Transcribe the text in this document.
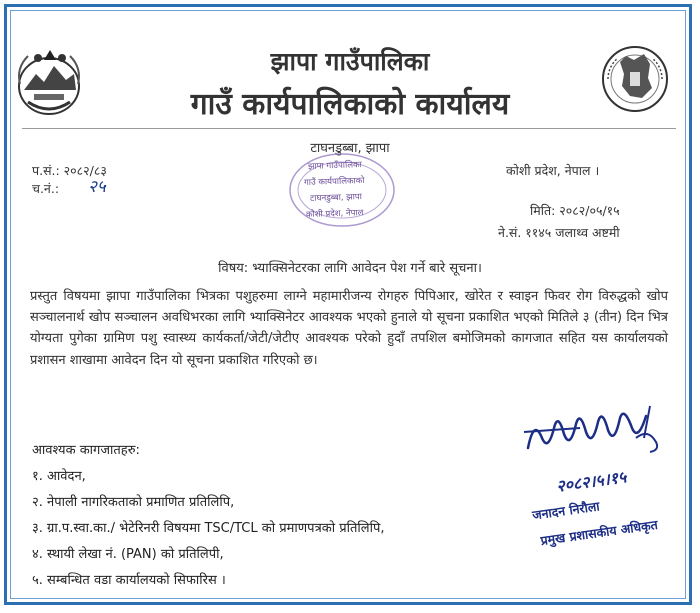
झापा गाउँपालिका
गाउँ कार्यपालिकाको कार्यालय
टाघनडुब्बा, झापा
प.सं.: २०८२/८३
च.नं.: २५
कोशी प्रदेश, नेपाल ।
झापा गाउँपालिका
गाउँ कार्यपालिकाको
टाघनडुब्बा, झापा
कोशी प्रदेश, नेपाल	मिति: २०८२/०५/१५
ने.सं. ११४५ जलाथ्व अष्टमी
विषय: भ्याक्सिनेटरका लागि आवेदन पेश गर्ने बारे सूचना।
प्रस्तुत विषयमा झापा गाउँपालिका भित्रका पशुहरुमा लाग्ने महामारीजन्य रोगहरु पिपिआर, खोरेत र स्वाइन फिवर रोग विरुद्धको खोप सञ्चालनार्थ खोप सञ्चालन अवधिभरका लागि भ्याक्सिनेटर आवश्यक भएको हुनाले यो सूचना प्रकाशित भएको मितिले ३ (तीन) दिन भित्र योग्यता पुगेका ग्रामिण पशु स्वास्थ्य कार्यकर्ता/जेटी/जेटीए आवश्यक परेको हुदाँ तपशिल बमोजिमको कागजात सहित यस कार्यालयको प्रशासन शाखामा आवेदन दिन यो सूचना प्रकाशित गरिएको छ।
आवश्यक कागजातहरु:
१. आवेदन,
२. नेपाली नागरिकताको प्रमाणित प्रतिलिपि,
३. ग्रा.प.स्वा.का./ भेटेरिनरी विषयमा TSC/TCL को प्रमाणपत्रको प्रतिलिपि,
४. स्थायी लेखा नं. (PAN) को प्रतिलिपी,
५. सम्बन्धित वडा कार्यालयको सिफारिस ।
२०८२।५।१५
जनादन निरौला
प्रमुख प्रशासकीय अधिकृत
